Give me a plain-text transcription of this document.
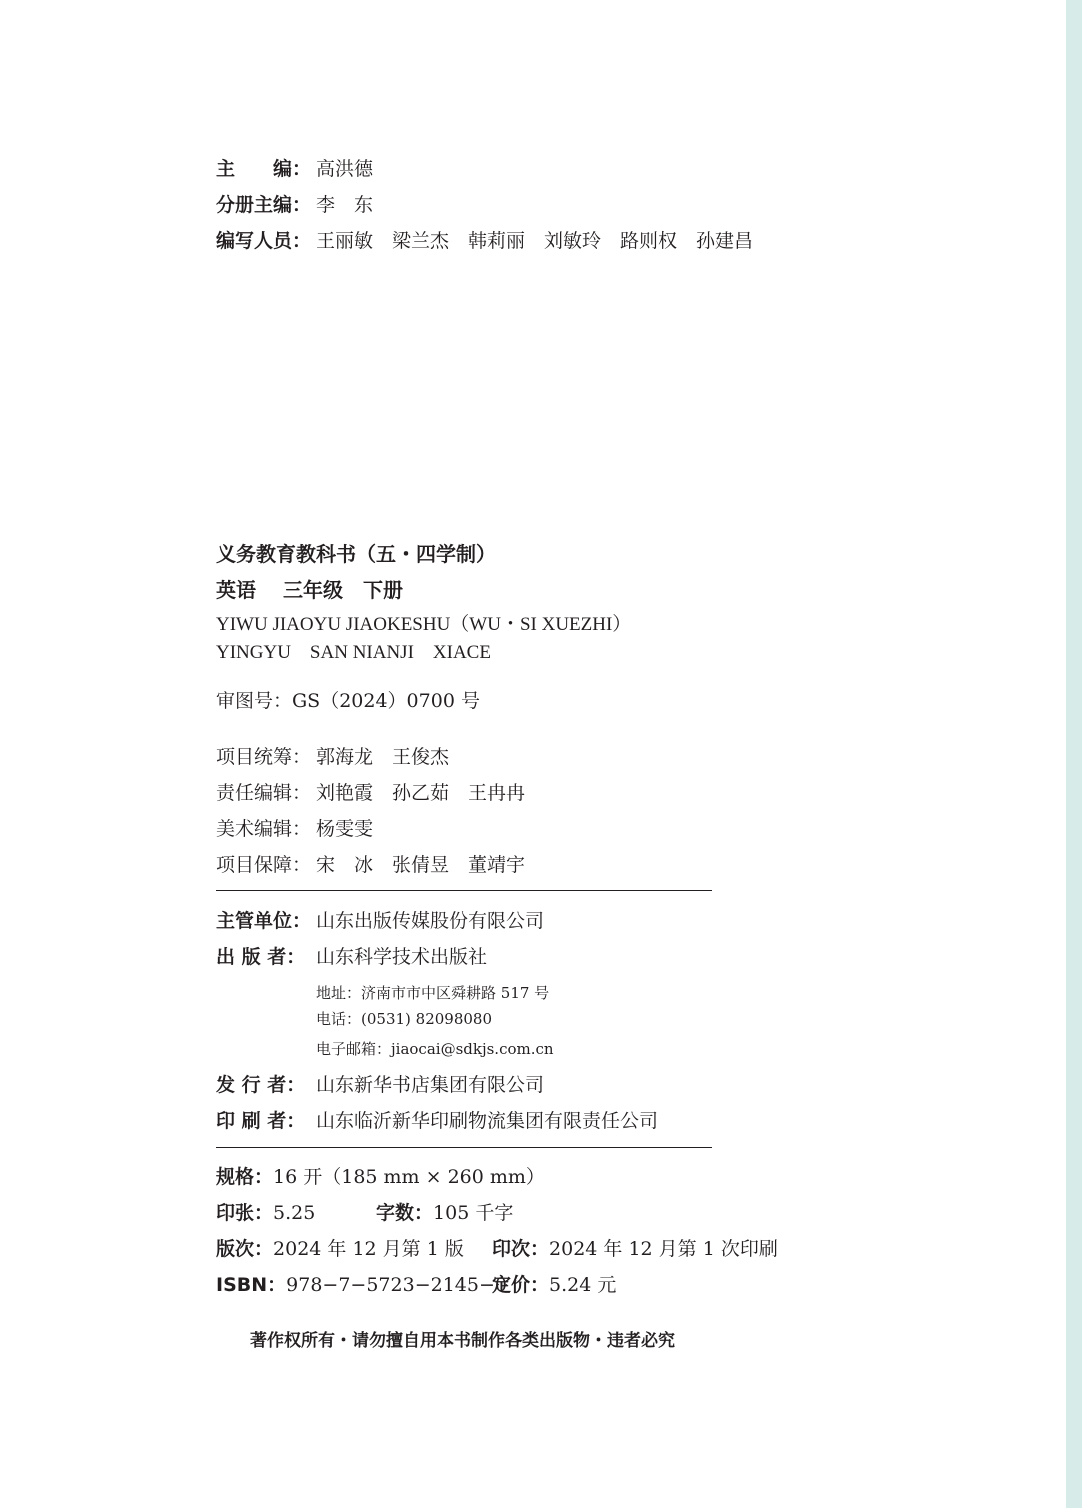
主　　编： 高洪德
分册主编： 李　东
编写人员： 王丽敏　梁兰杰　韩莉丽　刘敏玲　路则权　孙建昌
义务教育教科书（五・四学制）
英语　 三年级　下册
YIWU JIAOYU JIAOKESHU（WU・SI XUEZHI）
YINGYU　SAN NIANJI　XIACE
审图号：GS（2024）0700 号
项目统筹： 郭海龙　王俊杰
责任编辑： 刘艳霞　孙乙茹　王冉冉
美术编辑： 杨雯雯
项目保障： 宋　冰　张倩昱　董靖宇
主管单位： 山东出版传媒股份有限公司
出 版 者： 山东科学技术出版社
地址：济南市市中区舜耕路 517 号
电话：(0531) 82098080
电子邮箱：jiaocai@sdkjs.com.cn
发 行 者： 山东新华书店集团有限公司
印 刷 者： 山东临沂新华印刷物流集团有限责任公司
规格：16 开（185 mm × 260 mm）
印张：5.25	字数：105 千字
版次：2024 年 12 月第 1 版 印次：2024 年 12 月第 1 次印刷
ISBN：978−7−5723−2145−0
定价：5.24 元
著作权所有・请勿擅自用本书制作各类出版物・违者必究
